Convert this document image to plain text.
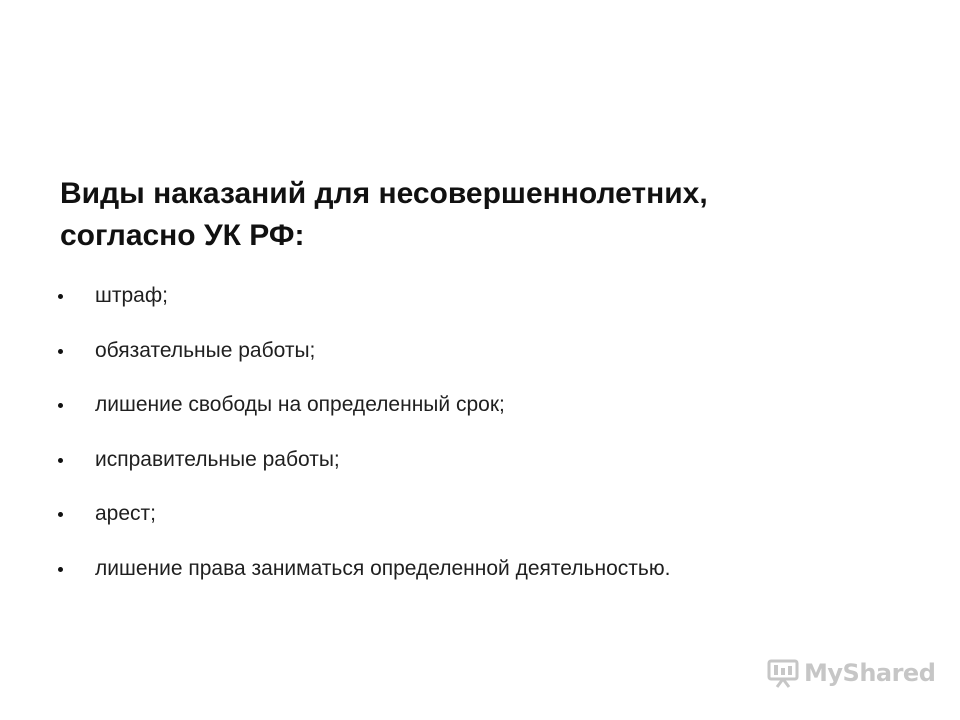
Виды наказаний для несовершеннолетних,
согласно УК РФ:
штраф;
обязательные работы;
лишение свободы на определенный срок;
исправительные работы;
арест;
лишение права заниматься определенной деятельностью.
MyShared
